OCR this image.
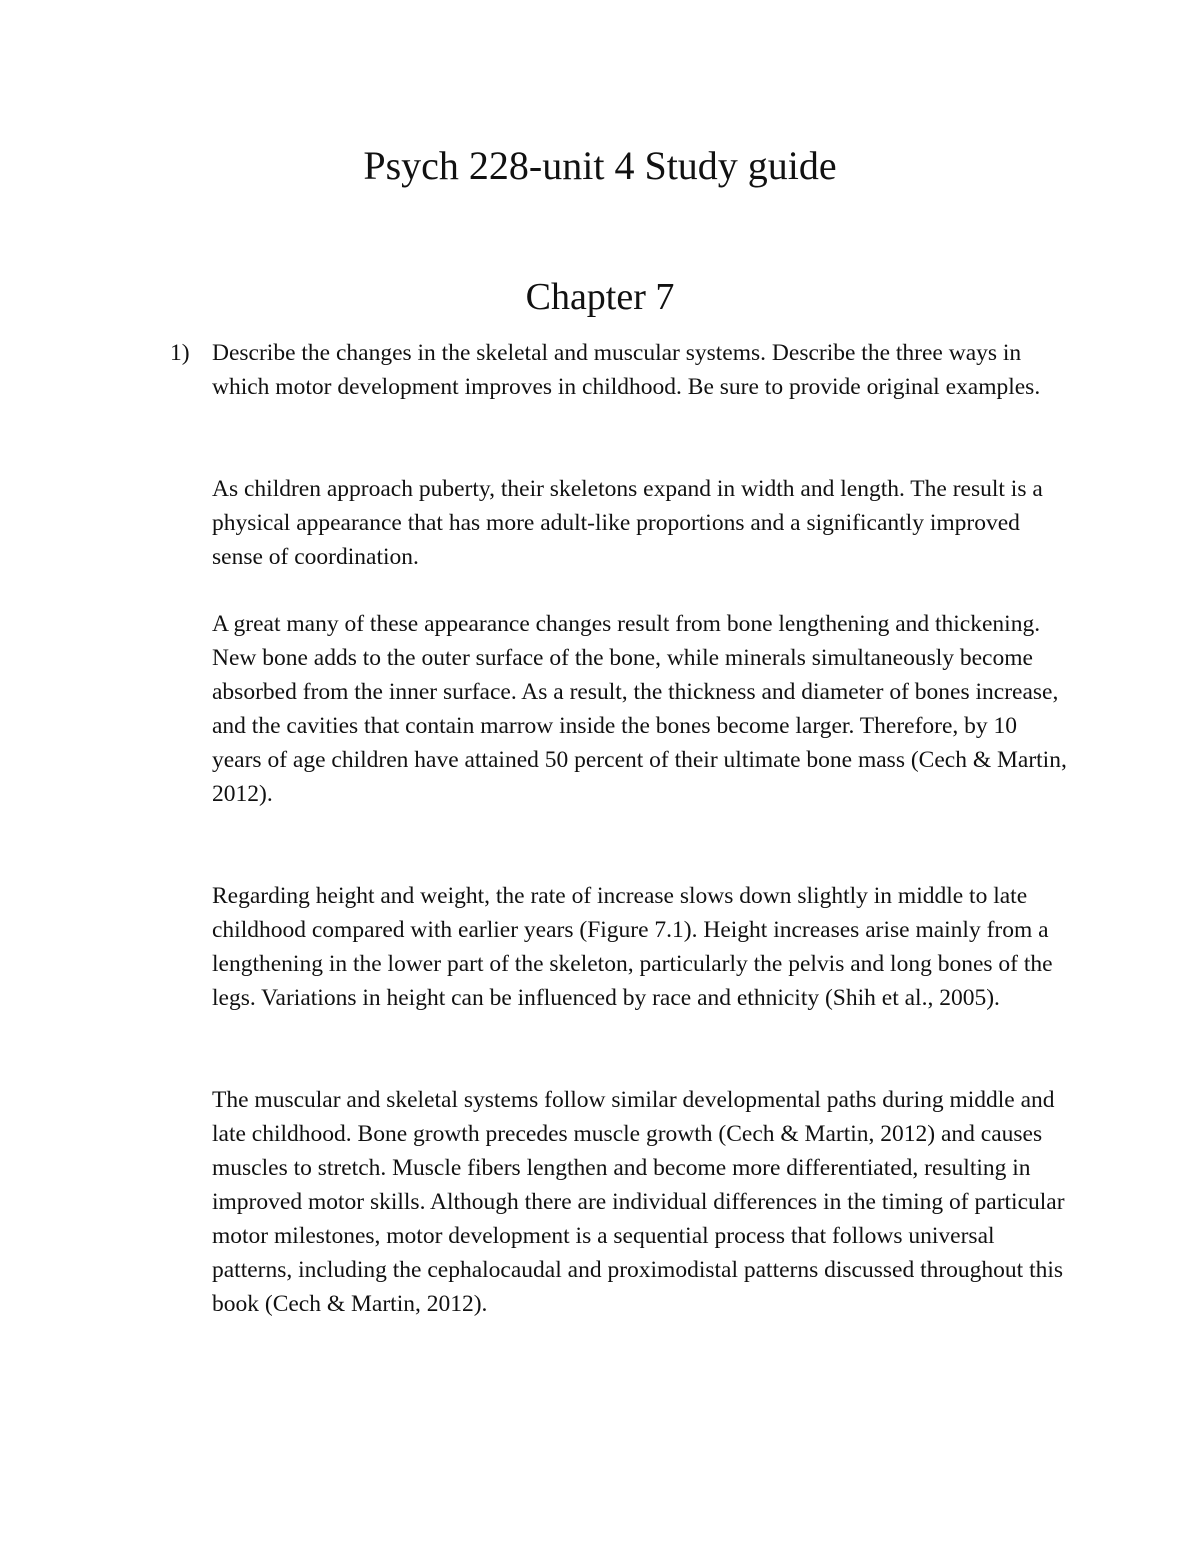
Psych 228-unit 4 Study guide
Chapter 7
1) Describe the changes in the skeletal and muscular systems. Describe the three ways in which motor development improves in childhood. Be sure to provide original examples.

As children approach puberty, their skeletons expand in width and length. The result is a physical appearance that has more adult-like proportions and a significantly improved sense of coordination.

A great many of these appearance changes result from bone lengthening and thickening. New bone adds to the outer surface of the bone, while minerals simultaneously become absorbed from the inner surface. As a result, the thickness and diameter of bones increase, and the cavities that contain marrow inside the bones become larger. Therefore, by 10 years of age children have attained 50 percent of their ultimate bone mass (Cech & Martin, 2012).

Regarding height and weight, the rate of increase slows down slightly in middle to late childhood compared with earlier years (Figure 7.1). Height increases arise mainly from a lengthening in the lower part of the skeleton, particularly the pelvis and long bones of the legs. Variations in height can be influenced by race and ethnicity (Shih et al., 2005).

The muscular and skeletal systems follow similar developmental paths during middle and late childhood. Bone growth precedes muscle growth (Cech & Martin, 2012) and causes muscles to stretch. Muscle fibers lengthen and become more differentiated, resulting in improved motor skills. Although there are individual differences in the timing of particular motor milestones, motor development is a sequential process that follows universal patterns, including the cephalocaudal and proximodistal patterns discussed throughout this book (Cech & Martin, 2012).
